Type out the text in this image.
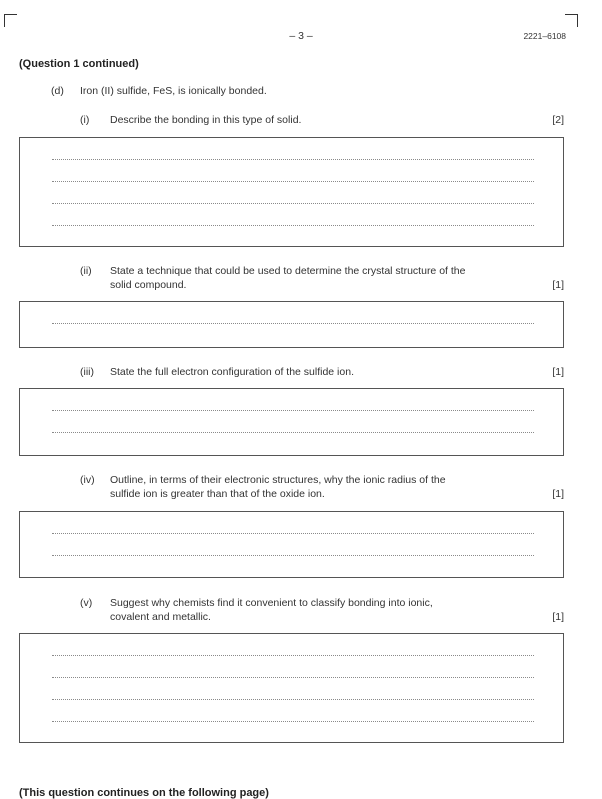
– 3 –	2221–6108
(Question 1 continued)
(d) Iron (II) sulfide, FeS, is ionically bonded.
(i) Describe the bonding in this type of solid.	[2]
(ii) State a technique that could be used to determine the crystal structure of the
solid compound.	[1]
(iii) State the full electron configuration of the sulfide ion.	[1]
(iv) Outline, in terms of their electronic structures, why the ionic radius of the
sulfide ion is greater than that of the oxide ion.	[1]
(v) Suggest why chemists find it convenient to classify bonding into ionic,
covalent and metallic.	[1]
(This question continues on the following page)
